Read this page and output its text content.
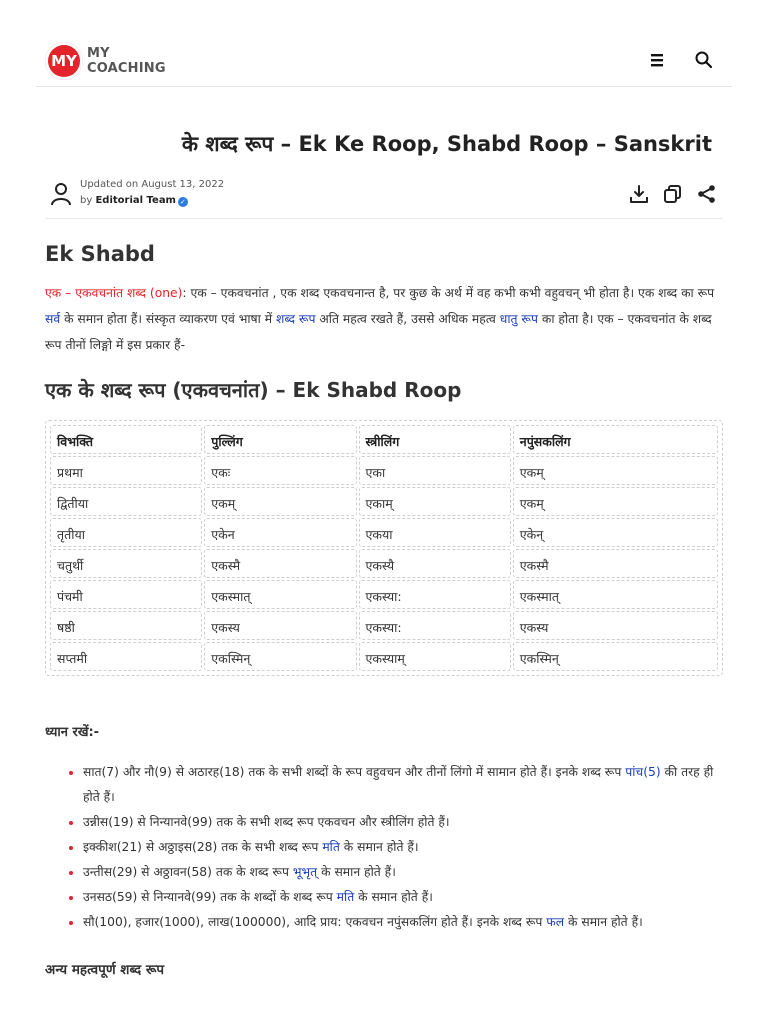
MY MY
COACHING
के शब्द रूप – Ek Ke Roop, Shabd Roop – Sanskrit
Updated on August 13, 2022
by Editorial Team ✓
Ek Shabd
एक – एकवचनांत शब्द (one): एक – एकवचनांत , एक शब्द एकवचनान्त है, पर कुछ के अर्थ में वह कभी कभी वहुवचन् भी होता है। एक शब्द का रूप सर्व के समान होता हैं। संस्कृत व्याकरण एवं भाषा में शब्द रूप अति महत्व रखते हैं, उससे अधिक महत्व धातु रूप का होता है। एक – एकवचनांत के शब्द रूप तीनों लिङ्गो में इस प्रकार हैं-
एक के शब्द रूप (एकवचनांत) – Ek Shabd Roop
विभक्ति	पुल्लिंग	स्त्रीलिंग	नपुंसकलिंग
प्रथमा	एकः	एका	एकम्
द्वितीया	एकम्	एकाम्	एकम्
तृतीया	एकेन	एकया	एकेन्
चतुर्थी	एकस्मै	एकस्यै	एकस्मै
पंचमी	एकस्मात्	एकस्या:	एकस्मात्
षष्ठी	एकस्य	एकस्या:	एकस्य
सप्तमी	एकस्मिन्	एकस्याम्	एकस्मिन्
ध्यान रखें:-
सात(7) और नौ(9) से अठारह(18) तक के सभी शब्दों के रूप वहुवचन और तीनों लिंगो में सामान होते हैं। इनके शब्द रूप पांच(5) की तरह ही होते हैं।
उन्नीस(19) से निन्यानवे(99) तक के सभी शब्द रूप एकवचन और स्त्रीलिंग होते हैं।
इक्कीश(21) से अठ्ठाइस(28) तक के सभी शब्द रूप मति के समान होते हैं।
उन्तीस(29) से अठ्ठावन(58) तक के शब्द रूप भूभृत् के समान होते हैं।
उनसठ(59) से निन्यानवे(99) तक के शब्दों के शब्द रूप मति के समान होते हैं।
सौ(100), हजार(1000), लाख(100000), आदि प्राय: एकवचन नपुंसकलिंग होते हैं। इनके शब्द रूप फल के समान होते हैं।
अन्य महत्वपूर्ण शब्द रूप
